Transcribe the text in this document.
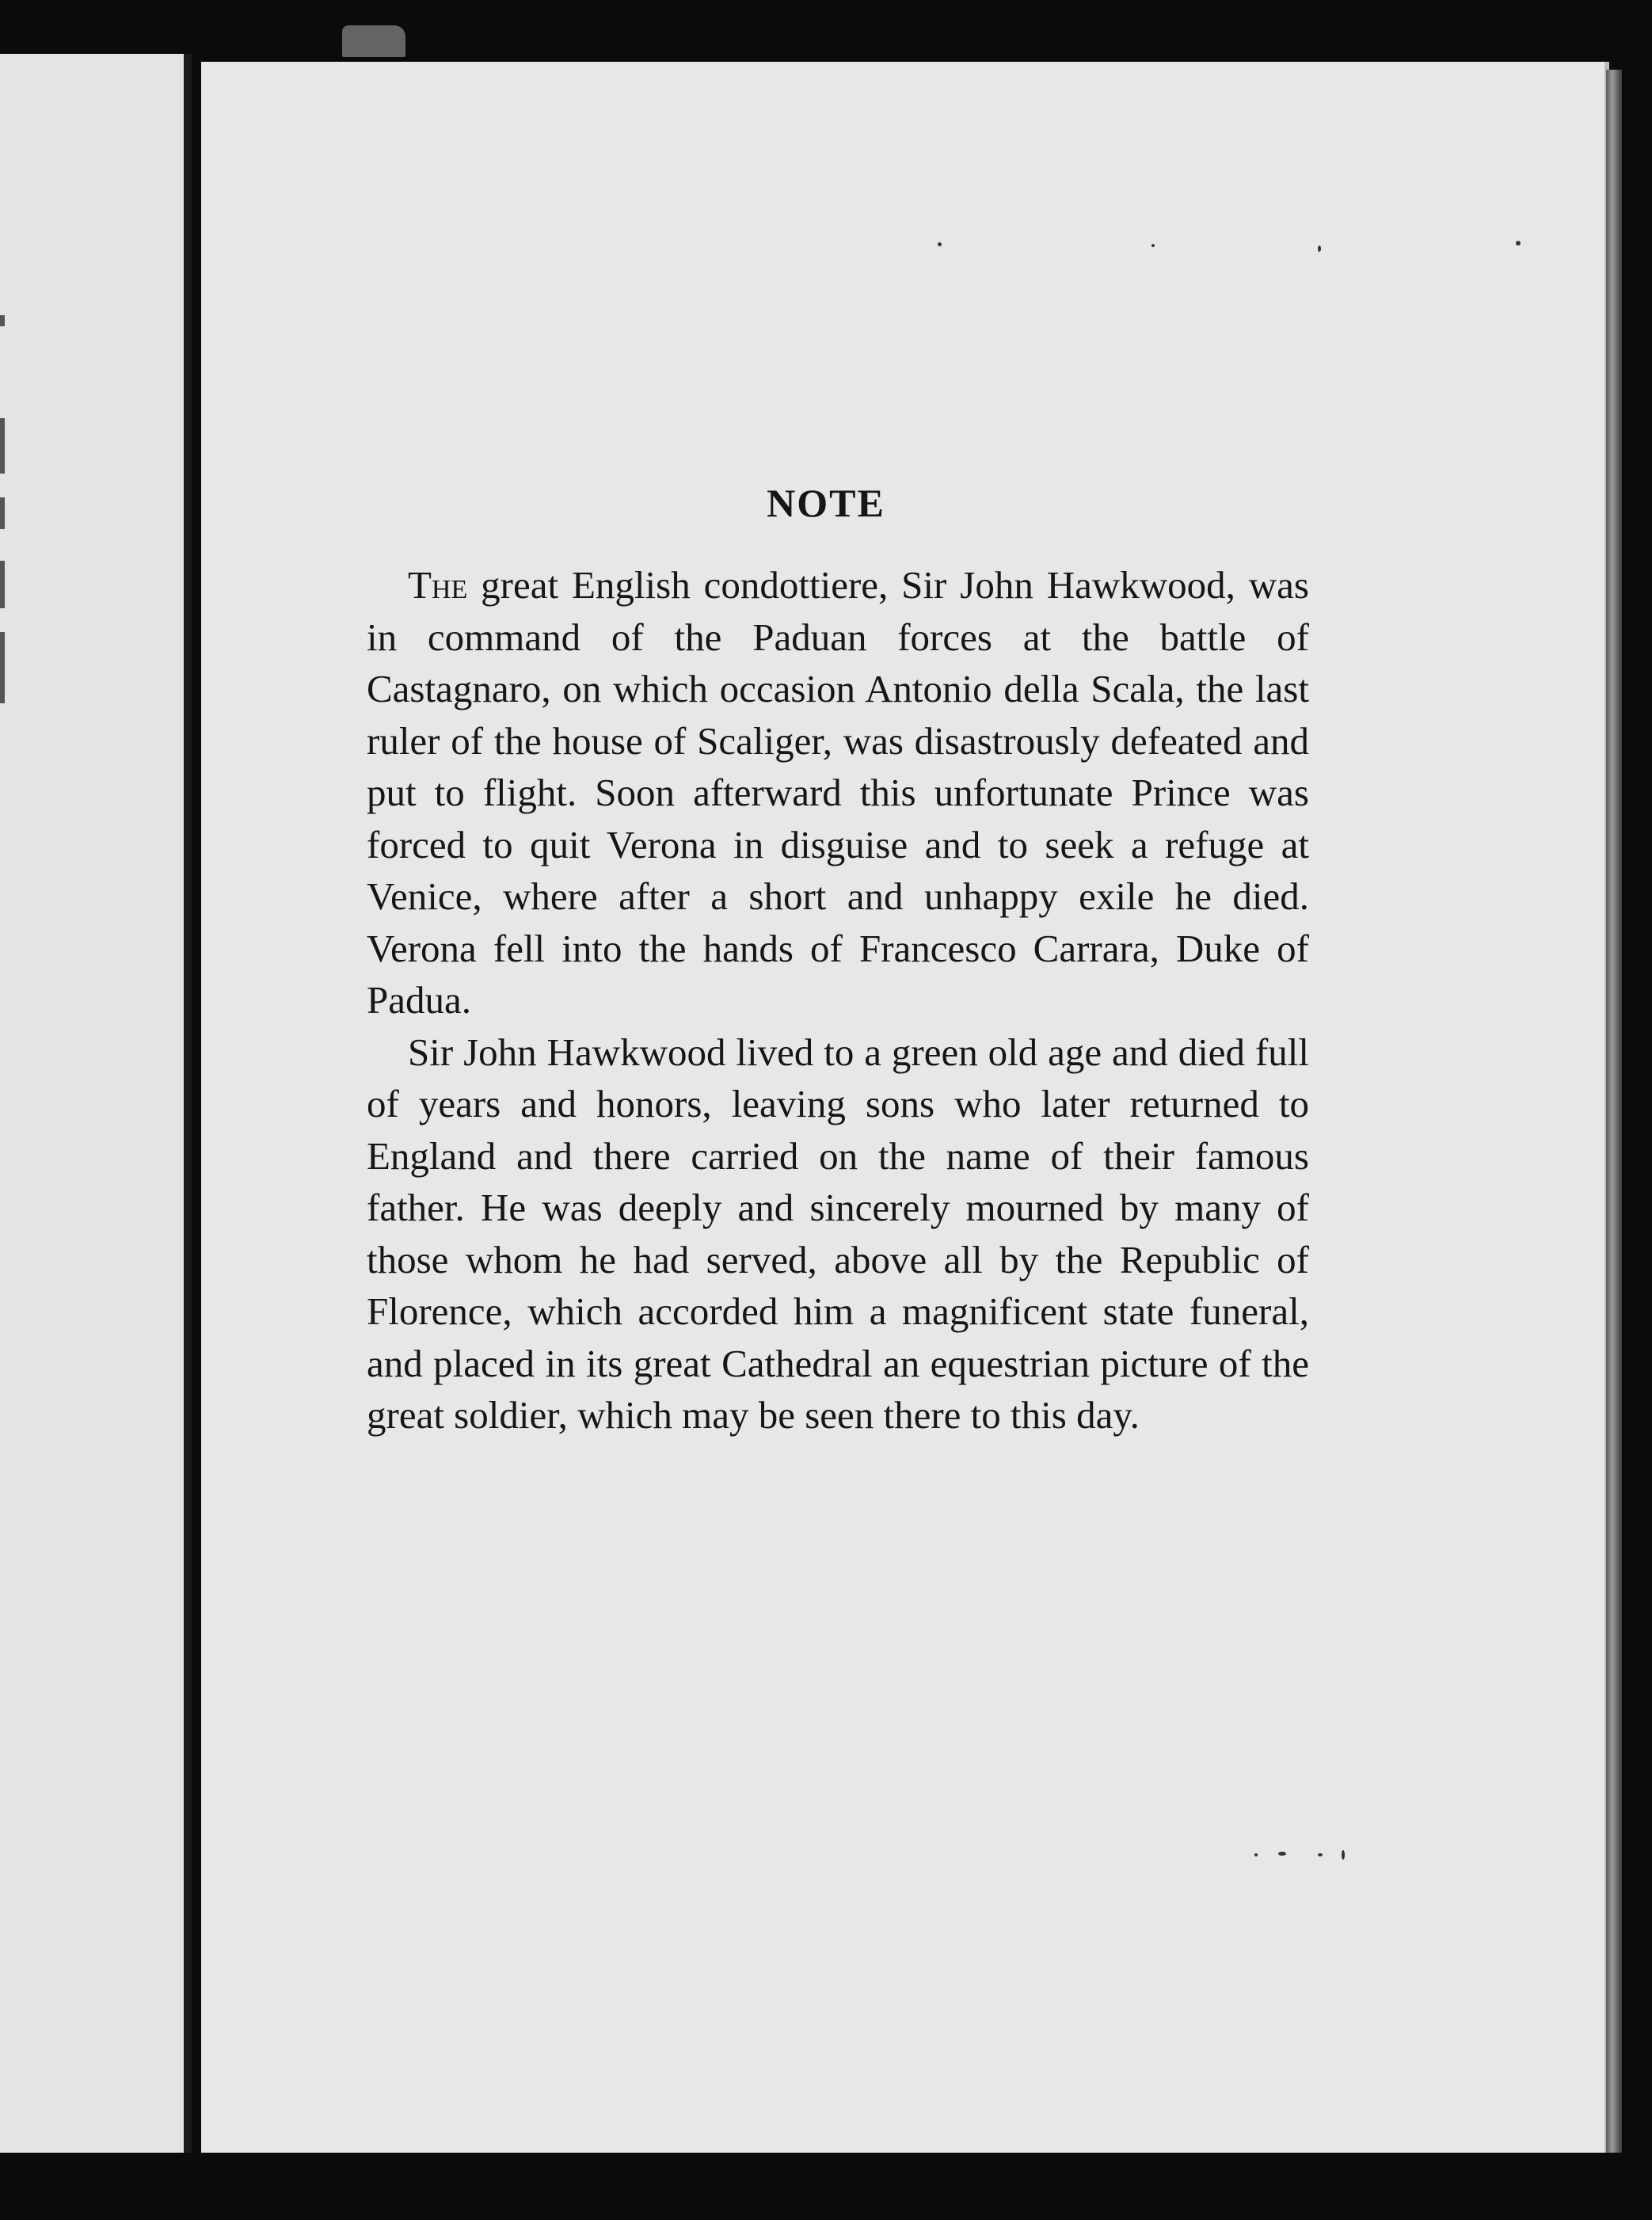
NOTE

The great English condottiere, Sir John Hawkwood, was in command of the Paduan forces at the battle of Castagnaro, on which occasion Antonio della Scala, the last ruler of the house of Scaliger, was disastrously defeated and put to flight. Soon afterward this unfortunate Prince was forced to quit Verona in disguise and to seek a refuge at Venice, where after a short and unhappy exile he died. Verona fell into the hands of Francesco Carrara, Duke of Padua.

Sir John Hawkwood lived to a green old age and died full of years and honors, leaving sons who later returned to England and there carried on the name of their famous father. He was deeply and sincerely mourned by many of those whom he had served, above all by the Republic of Florence, which accorded him a magnificent state funeral, and placed in its great Cathedral an equestrian picture of the great soldier, which may be seen there to this day.
